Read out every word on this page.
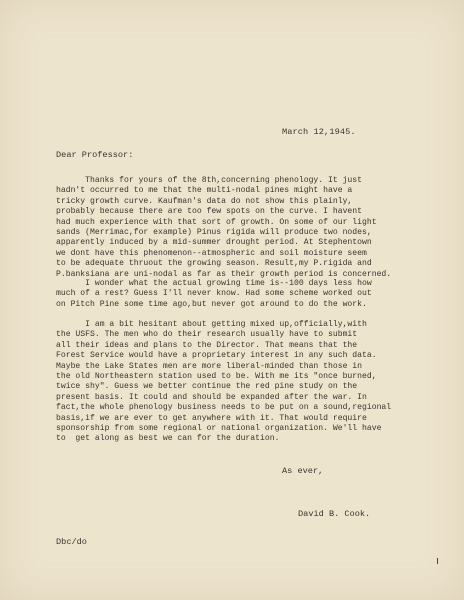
March 12,1945.
Dear Professor:

Thanks for yours of the 8th,concerning phenology. It just
hadn't occurred to me that the multi-nodal pines might have a
tricky growth curve. Kaufman's data do not show this plainly,
probably because there are too few spots on the curve. I havent
had much experience with that sort of growth. On some of our light
sands (Merrimac,for example) Pinus rigida will produce two nodes,
apparently induced by a mid-summer drought period. At Stephentown
we dont have this phenomenon--atmospheric and soil moisture seem
to be adequate thruout the growing season. Result,my P.rigida and
P.banksiana are uni-nodal as far as their growth period is concerned.

I wonder what the actual growing time is--100 days less how
much of a rest? Guess I'll never know. Had some scheme worked out
on Pitch Pine some time ago,but never got around to do the work.

I am a bit hesitant about getting mixed up,officially,with
the USFS. The men who do their research usually have to submit
all their ideas and plans to the Director. That means that the
Forest Service would have a proprietary interest in any such data.
Maybe the Lake States men are more liberal-minded than those in
the old Northeastern station used to be. With me its "once burned,
twice shy". Guess we better continue the red pine study on the
present basis. It could and should be expanded after the war. In
fact,the whole phenology business needs to be put on a sound,regional
basis,if we are ever to get anywhere with it. That would require
sponsorship from some regional or national organization. We'll have
to  get along as best we can for the duration.

As ever,
David B. Cook.
Dbc/do
